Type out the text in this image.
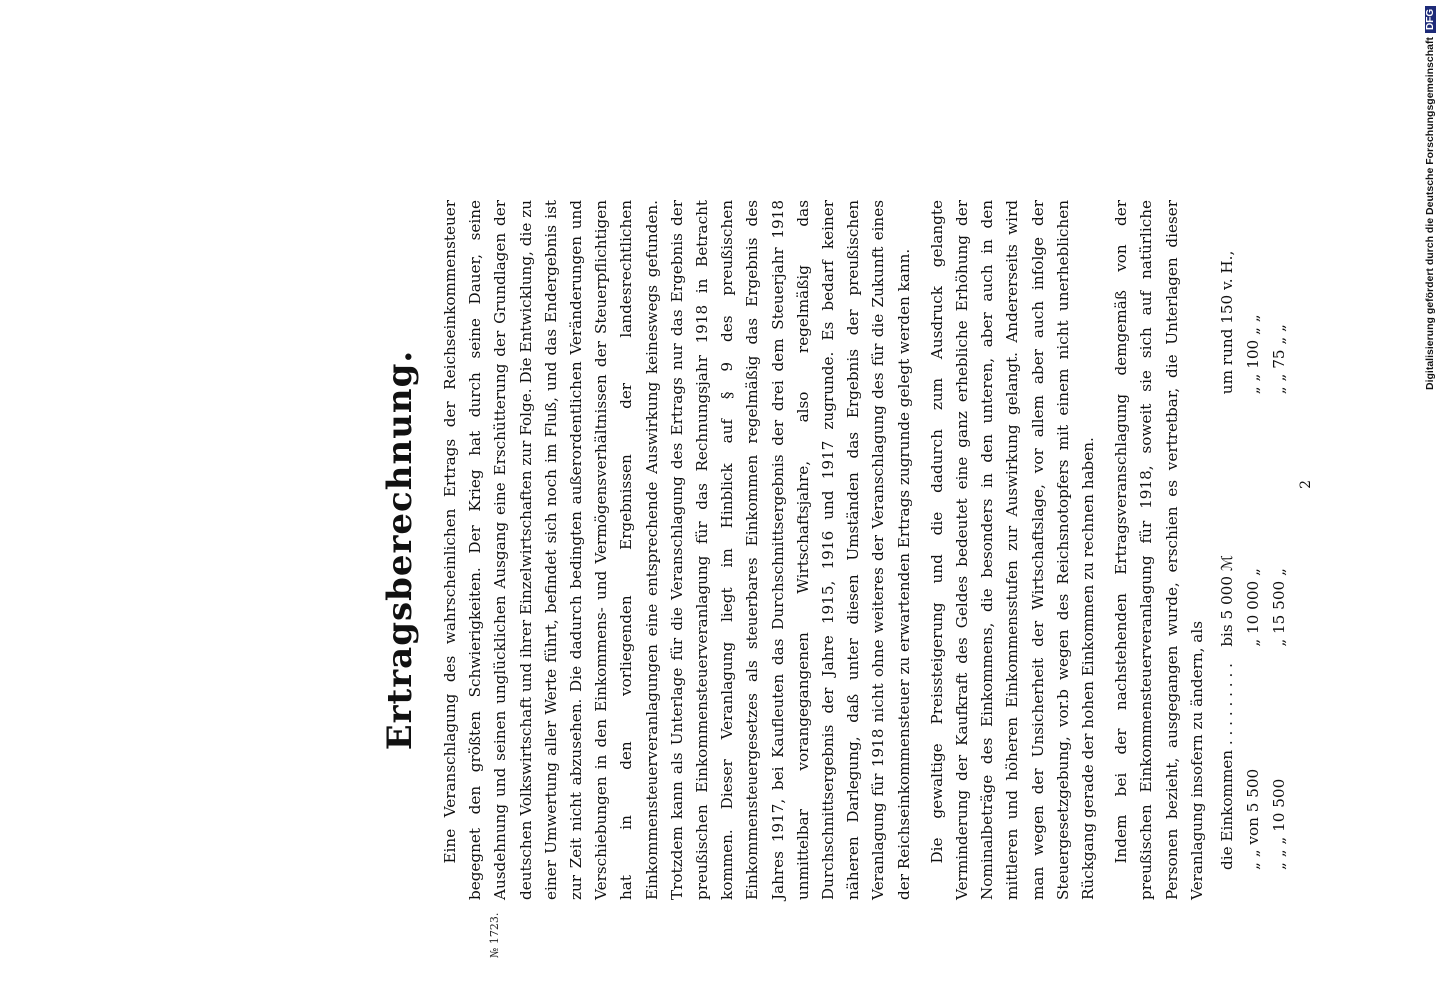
Ertragsberechnung. Eine Veranschlagung des wahrscheinlichen Ertrags der Reichseinkommensteuer begegnet den größten Schwierigkeiten. Der Krieg hat durch seine Dauer, seine Ausdehnung und seinen unglücklichen Ausgang eine Erschütterung der Grundlagen der deutschen Volkswirtschaft und ihrer Einzelwirtschaften zur Folge. Die Entwicklung, die zu einer Umwertung aller Werte führt, befindet sich noch im Fluß, und das Endergebnis ist zur Zeit nicht abzusehen. Die dadurch bedingten außerordentlichen Veränderungen und Verschiebungen in den Einkommens- und Vermögensverhältnissen der Steuerpflichtigen hat in den vorliegenden Ergebnissen der landesrechtlichen Einkommensteuerveranlagungen eine entsprechende Auswirkung keineswegs gefunden. Trotzdem kann als Unterlage für die Veranschlagung des Ertrags nur das Ergebnis der preußischen Einkommensteuerveranlagung für das Rechnungsjahr 1918 in Betracht kommen. Dieser Veranlagung liegt im Hinblick auf § 9 des preußischen Einkommensteuergesetzes als steuerbares Einkommen regelmäßig das Ergebnis des Jahres 1917, bei Kaufleuten das Durchschnittsergebnis der drei dem Steuerjahr 1918 unmittelbar vorangegangenen Wirtschaftsjahre, also regelmäßig das Durchschnittsergebnis der Jahre 1915, 1916 und 1917 zugrunde. Es bedarf keiner näheren Darlegung, daß unter diesen Umständen das Ergebnis der preußischen Veranlagung für 1918 nicht ohne weiteres der Veranschlagung des für die Zukunft eines der Reichseinkommensteuer zu erwartenden Ertrags zugrunde gelegt werden kann. Die gewaltige Preissteigerung und die dadurch zum Ausdruck gelangte Verminderung der Kaufkraft des Geldes bedeutet eine ganz erhebliche Erhöhung der Nominalbeträge des Einkommens, die besonders in den unteren, aber auch in den mittleren und höheren Einkommensstufen zur Auswirkung gelangt. Andererseits wird man wegen der Unsicherheit der Wirtschaftslage, vor allem aber auch infolge der Steuergesetzgebung, vor.b wegen des Reichsnotopfers mit einem nicht unerheblichen Rückgang gerade der hohen Einkommen zu rechnen haben. Indem bei der nachstehenden Ertragsveranschlagung demgemäß von der preußischen Einkommensteuerveranlagung für 1918, soweit sie sich auf natürliche Personen bezieht, ausgegangen wurde, erschien es vertretbar, die Unterlagen dieser Veranlagung insofern zu ändern, als die Einkommen . . . . . . . . .
bis 5 000 ℳ
um rund 150 v. H.,
„ „ von 5 500
„ 10 000 „
„ „ 100 „ „
„ „ „ 10 500
„ 15 500 „
„ „ 75 „ „
2
№ 1723.
Digitalisierung gefördert durch die Deutsche ForschungsgemeinschaftDFG
